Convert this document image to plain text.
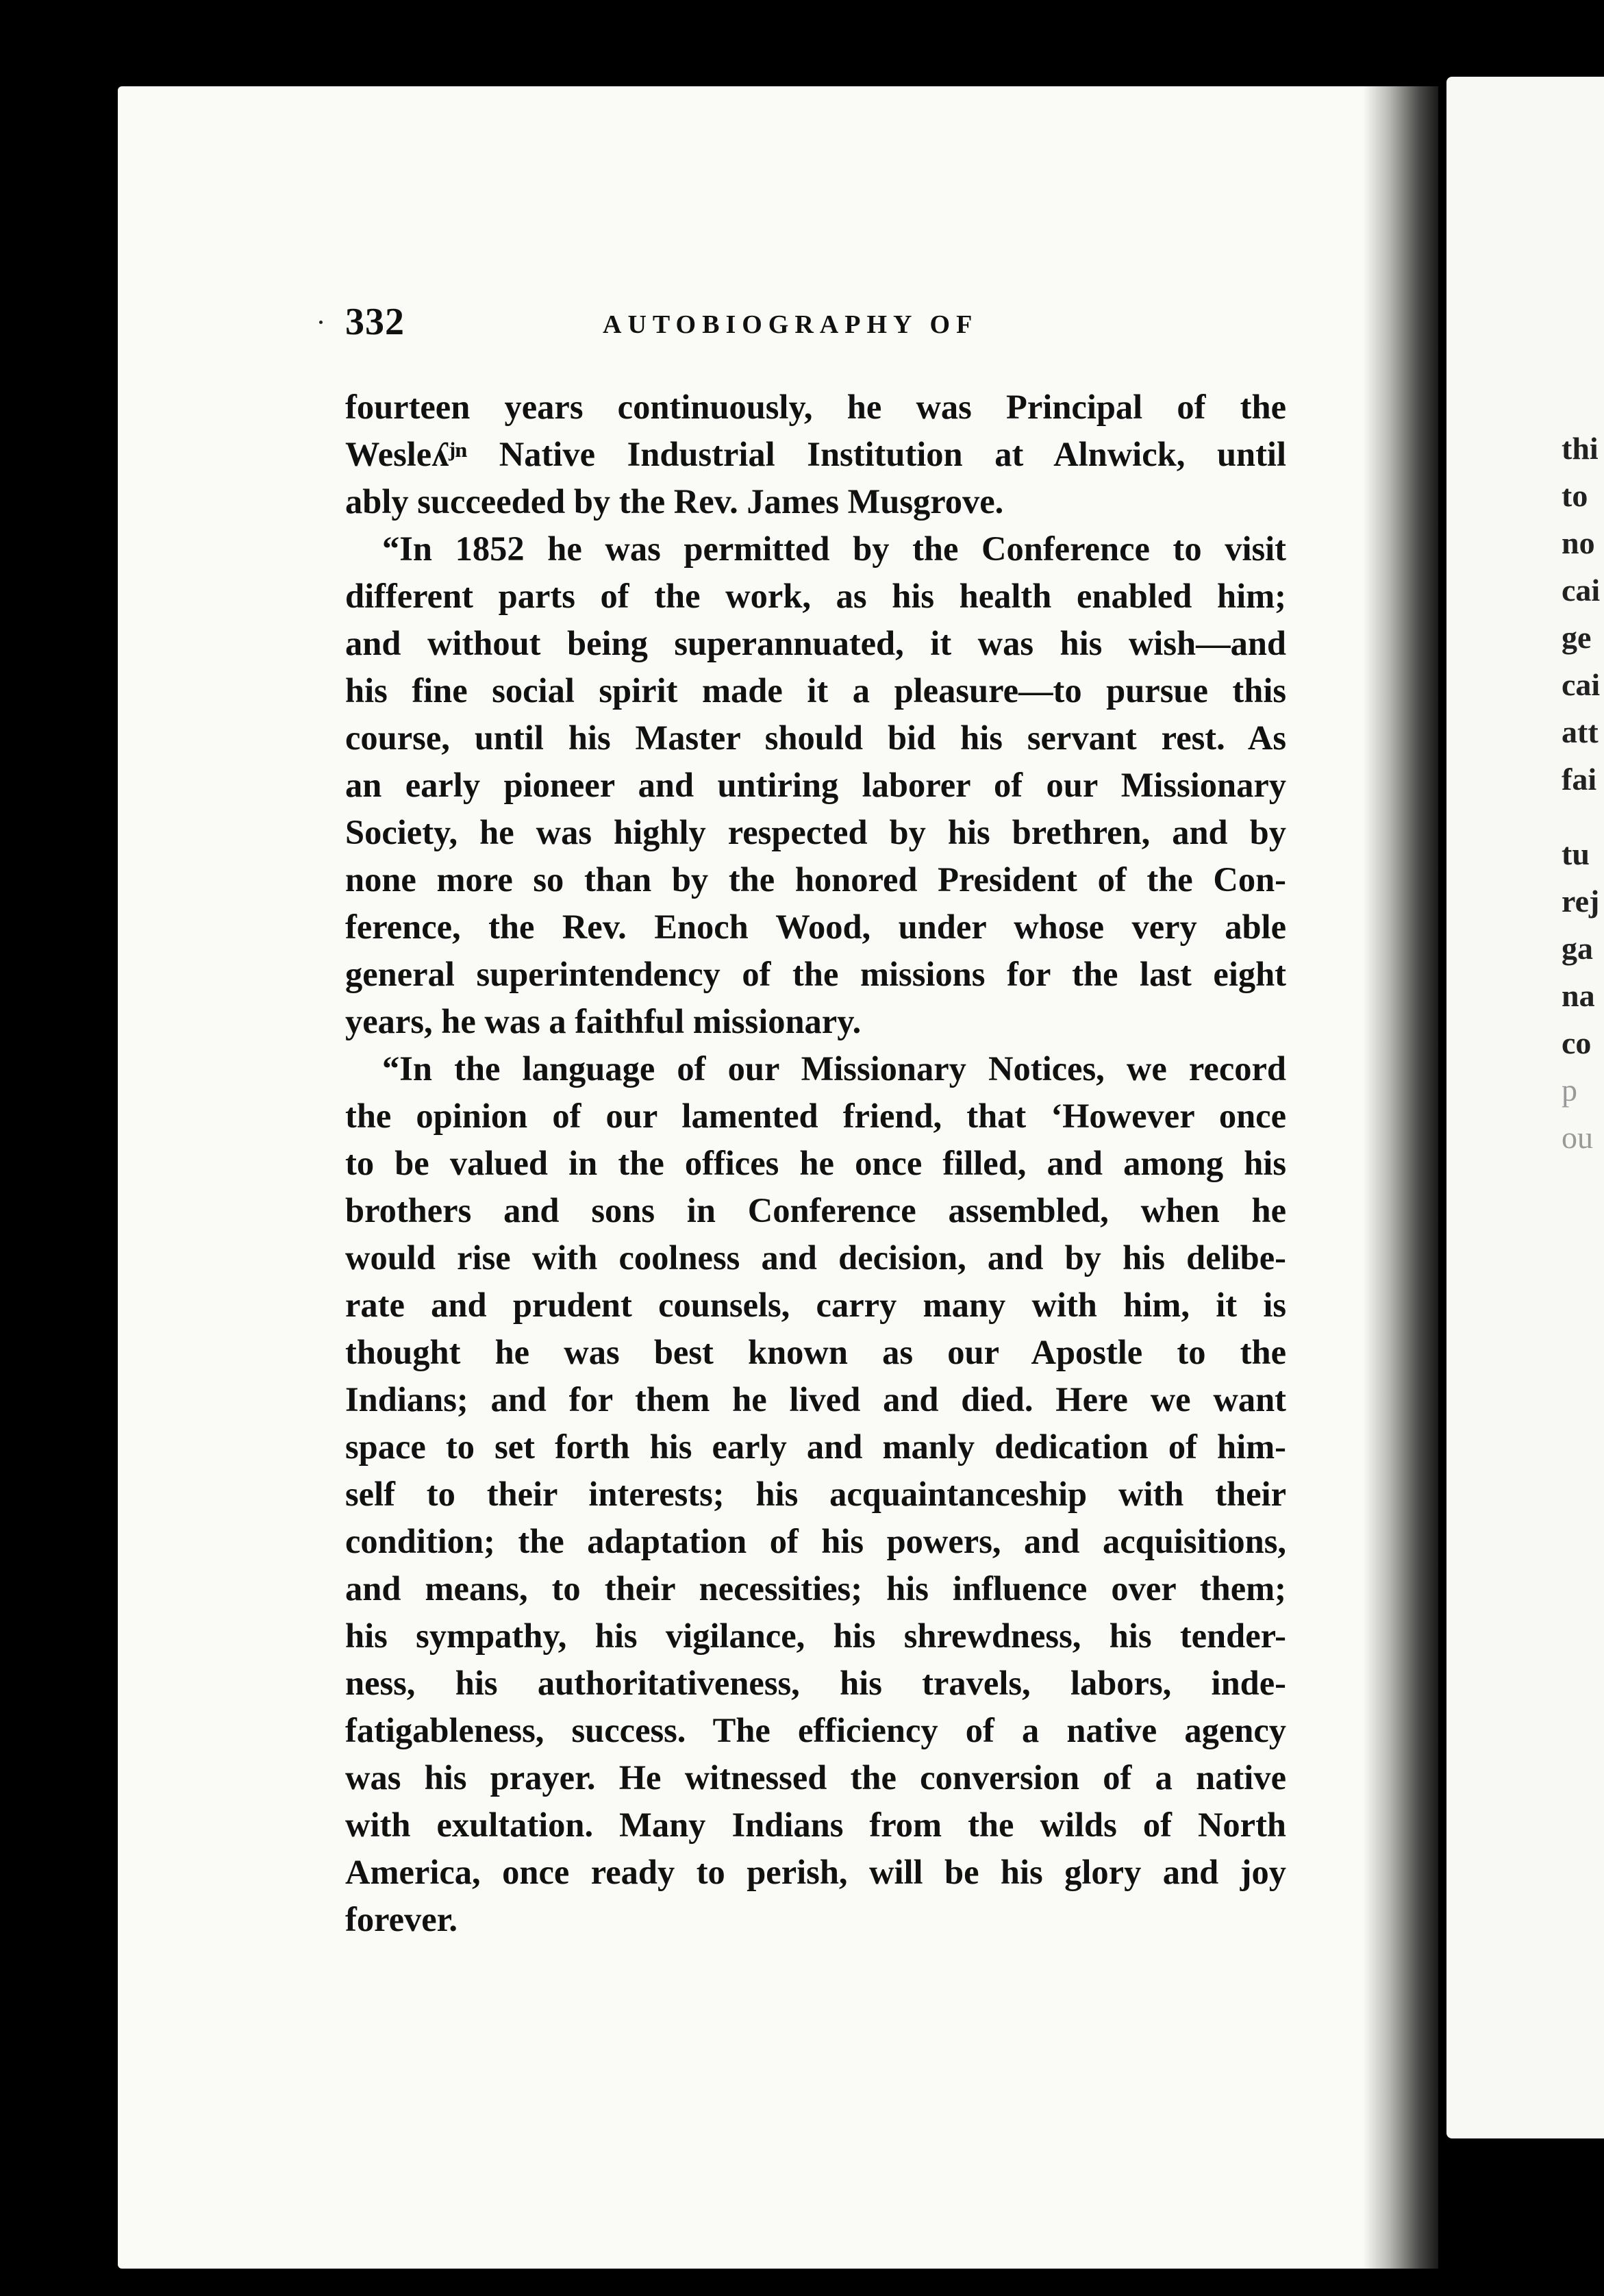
332	AUTOBIOGRAPHY OF
fourteen years continuously, he was Principal of the
Wesleʎʲⁿ Native Industrial Institution at Alnwick, until
ably succeeded by the Rev. James Musgrove.
“In 1852 he was permitted by the Conference to visit
different parts of the work, as his health enabled him;
and without being superannuated, it was his wish—and
his fine social spirit made it a pleasure—to pursue this
course, until his Master should bid his servant rest. As
an early pioneer and untiring laborer of our Missionary
Society, he was highly respected by his brethren, and by
none more so than by the honored President of the Con-
ference, the Rev. Enoch Wood, under whose very able
general superintendency of the missions for the last eight
years, he was a faithful missionary.
“In the language of our Missionary Notices, we record
the opinion of our lamented friend, that ‘However once
to be valued in the offices he once filled, and among his
brothers and sons in Conference assembled, when he
would rise with coolness and decision, and by his delibe-
rate and prudent counsels, carry many with him, it is
thought he was best known as our Apostle to the
Indians; and for them he lived and died. Here we want
space to set forth his early and manly dedication of him-
self to their interests; his acquaintanceship with their
condition; the adaptation of his powers, and acquisitions,
and means, to their necessities; his influence over them;
his sympathy, his vigilance, his shrewdness, his tender-
ness, his authoritativeness, his travels, labors, inde-
fatigableness, success. The efficiency of a native agency
was his prayer. He witnessed the conversion of a native
with exultation. Many Indians from the wilds of North
America, once ready to perish, will be his glory and joy
forever.
thi
to
no
cai
ge
cai
att
fai
tu
rej
ga
na
co
p
ou
